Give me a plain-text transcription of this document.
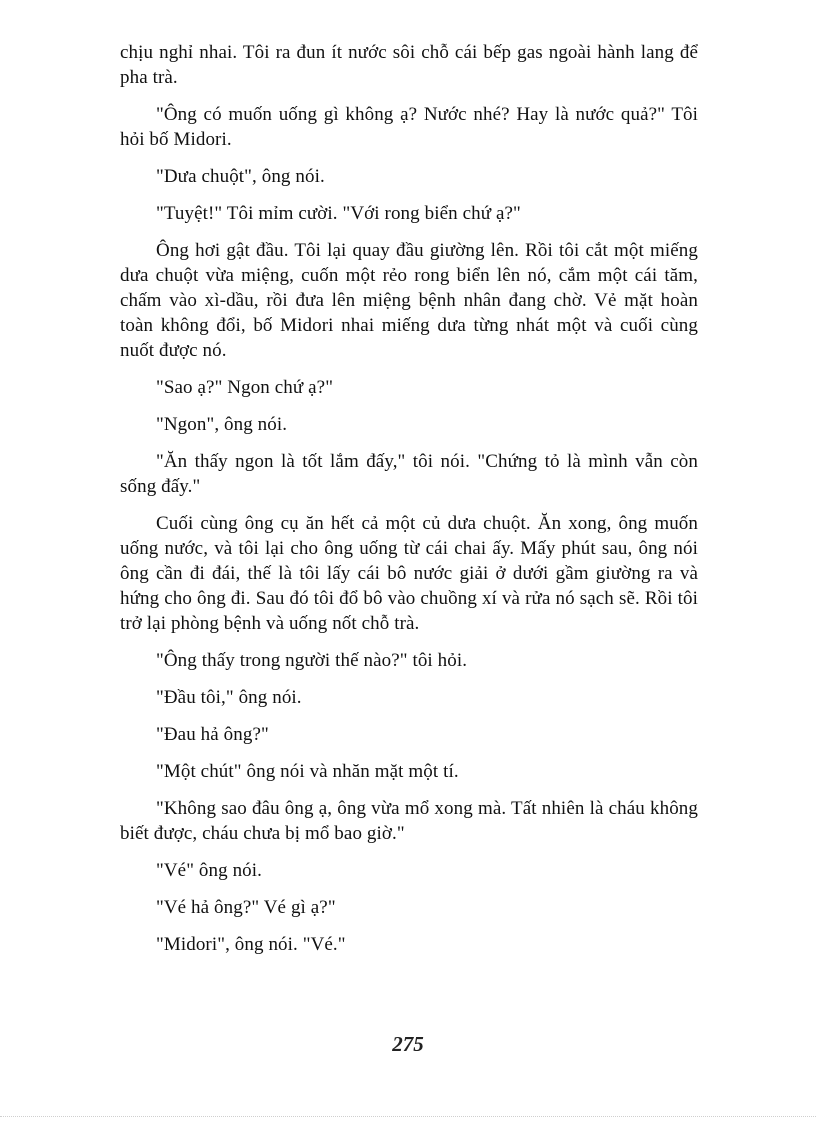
chịu nghỉ nhai. Tôi ra đun ít nước sôi chỗ cái bếp gas ngoài hành lang để pha trà.

"Ông có muốn uống gì không ạ? Nước nhé? Hay là nước quả?" Tôi hỏi bố Midori.

"Dưa chuột", ông nói.

"Tuyệt!" Tôi mỉm cười. "Với rong biển chứ ạ?"

Ông hơi gật đầu. Tôi lại quay đầu giường lên. Rồi tôi cắt một miếng dưa chuột vừa miệng, cuốn một rẻo rong biển lên nó, cắm một cái tăm, chấm vào xì-dầu, rồi đưa lên miệng bệnh nhân đang chờ. Vẻ mặt hoàn toàn không đổi, bố Midori nhai miếng dưa từng nhát một và cuối cùng nuốt được nó.

"Sao ạ?" Ngon chứ ạ?"

"Ngon", ông nói.

"Ăn thấy ngon là tốt lắm đấy," tôi nói. "Chứng tỏ là mình vẫn còn sống đấy."

Cuối cùng ông cụ ăn hết cả một củ dưa chuột. Ăn xong, ông muốn uống nước, và tôi lại cho ông uống từ cái chai ấy. Mấy phút sau, ông nói ông cần đi đái, thế là tôi lấy cái bô nước giải ở dưới gầm giường ra và hứng cho ông đi. Sau đó tôi đổ bô vào chuồng xí và rửa nó sạch sẽ. Rồi tôi trở lại phòng bệnh và uống nốt chỗ trà.

"Ông thấy trong người thế nào?" tôi hỏi.

"Đầu tôi," ông nói.

"Đau hả ông?"

"Một chút" ông nói và nhăn mặt một tí.

"Không sao đâu ông ạ, ông vừa mổ xong mà. Tất nhiên là cháu không biết được, cháu chưa bị mổ bao giờ."

"Vé" ông nói.

"Vé hả ông?" Vé gì ạ?"

"Midori", ông nói. "Vé."

275
